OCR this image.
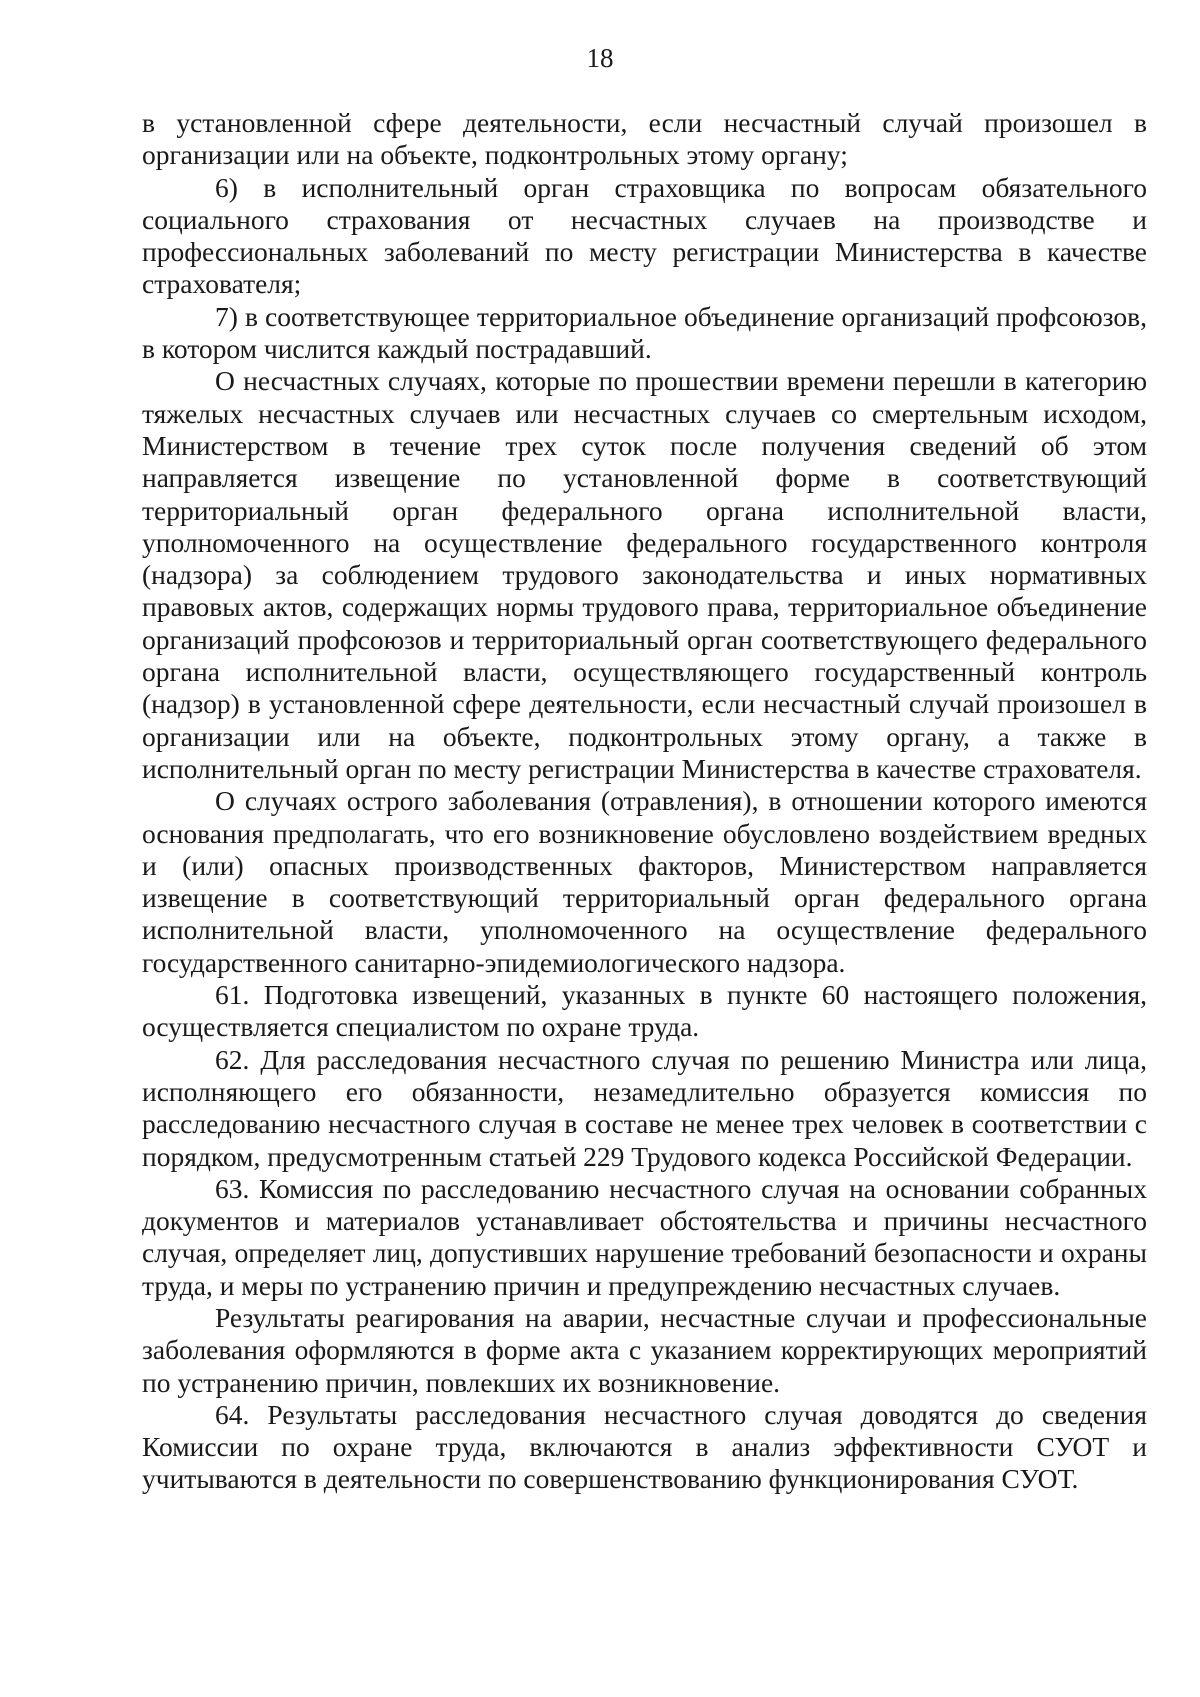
18

в установленной сфере деятельности, если несчастный случай произошел в организации или на объекте, подконтрольных этому органу;

6) в исполнительный орган страховщика по вопросам обязательного социального страхования от несчастных случаев на производстве и профессиональных заболеваний по месту регистрации Министерства в качестве страхователя;

7) в соответствующее территориальное объединение организаций профсоюзов, в котором числится каждый пострадавший.

О несчастных случаях, которые по прошествии времени перешли в категорию тяжелых несчастных случаев или несчастных случаев со смертельным исходом, Министерством в течение трех суток после получения сведений об этом направляется извещение по установленной форме в соответствующий территориальный орган федерального органа исполнительной власти, уполномоченного на осуществление федерального государственного контроля (надзора) за соблюдением трудового законодательства и иных нормативных правовых актов, содержащих нормы трудового права, территориальное объединение организаций профсоюзов и территориальный орган соответствующего федерального органа исполнительной власти, осуществляющего государственный контроль (надзор) в установленной сфере деятельности, если несчастный случай произошел в организации или на объекте, подконтрольных этому органу, а также в исполнительный орган по месту регистрации Министерства в качестве страхователя.

О случаях острого заболевания (отравления), в отношении которого имеются основания предполагать, что его возникновение обусловлено воздействием вредных и (или) опасных производственных факторов, Министерством направляется извещение в соответствующий территориальный орган федерального органа исполнительной власти, уполномоченного на осуществление федерального государственного санитарно-эпидемиологического надзора.

61. Подготовка извещений, указанных в пункте 60 настоящего положения, осуществляется специалистом по охране труда.

62. Для расследования несчастного случая по решению Министра или лица, исполняющего его обязанности, незамедлительно образуется комиссия по расследованию несчастного случая в составе не менее трех человек в соответствии с порядком, предусмотренным статьей 229 Трудового кодекса Российской Федерации.

63. Комиссия по расследованию несчастного случая на основании собранных документов и материалов устанавливает обстоятельства и причины несчастного случая, определяет лиц, допустивших нарушение требований безопасности и охраны труда, и меры по устранению причин и предупреждению несчастных случаев.

Результаты реагирования на аварии, несчастные случаи и профессиональные заболевания оформляются в форме акта с указанием корректирующих мероприятий по устранению причин, повлекших их возникновение.

64. Результаты расследования несчастного случая доводятся до сведения Комиссии по охране труда, включаются в анализ эффективности СУОТ и учитываются в деятельности по совершенствованию функционирования СУОТ.
